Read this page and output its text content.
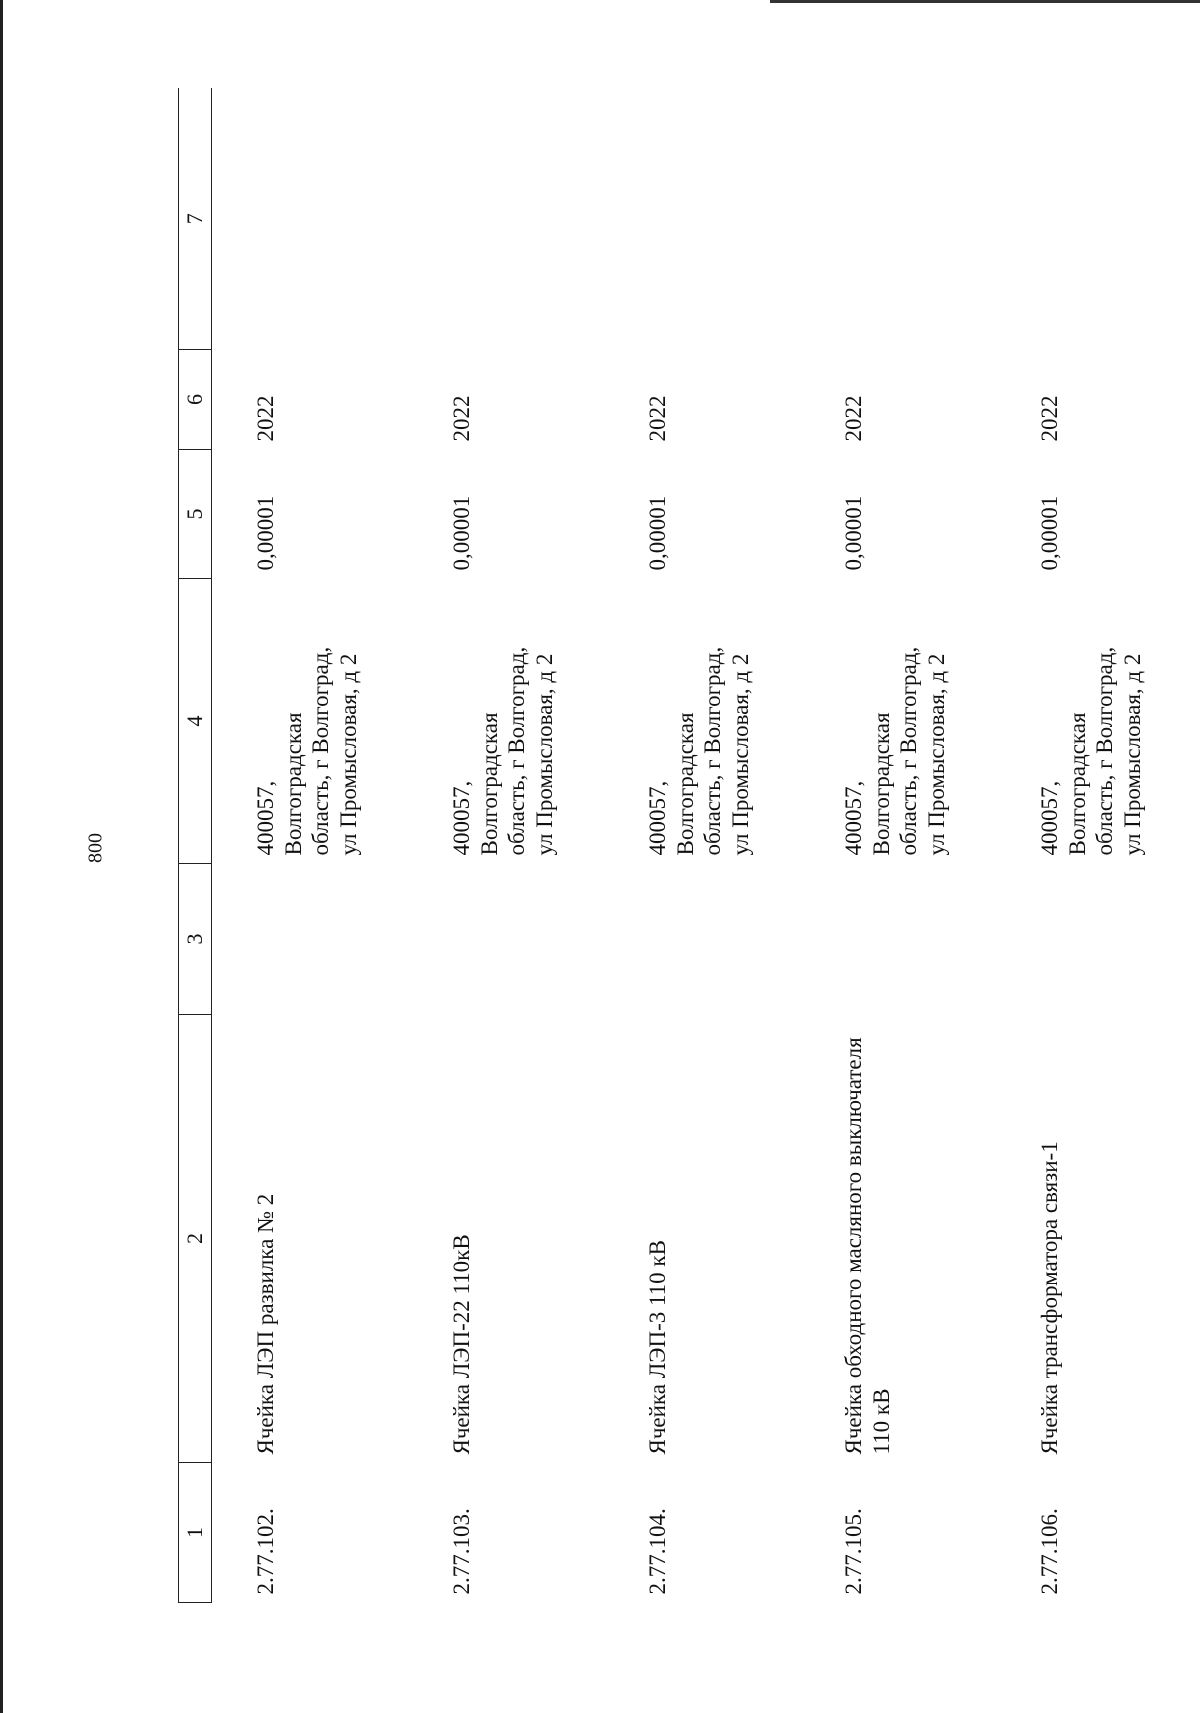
800
1	2	3	4	5	6	7
2.77.102.	Ячейка ЛЭП развилка № 2		400057, Волгоградская область, г Волгоград, ул Промысловая, д 2	0,00001	2022	
2.77.103.	Ячейка ЛЭП-22 110кВ		400057, Волгоградская область, г Волгоград, ул Промысловая, д 2	0,00001	2022	
2.77.104.	Ячейка ЛЭП-3 110 кВ		400057, Волгоградская область, г Волгоград, ул Промысловая, д 2	0,00001	2022	
2.77.105.	Ячейка обходного масляного выключателя 110 кВ		400057, Волгоградская область, г Волгоград, ул Промысловая, д 2	0,00001	2022	
2.77.106.	Ячейка трансформатора связи-1		400057, Волгоградская область, г Волгоград, ул Промысловая, д 2	0,00001	2022	
